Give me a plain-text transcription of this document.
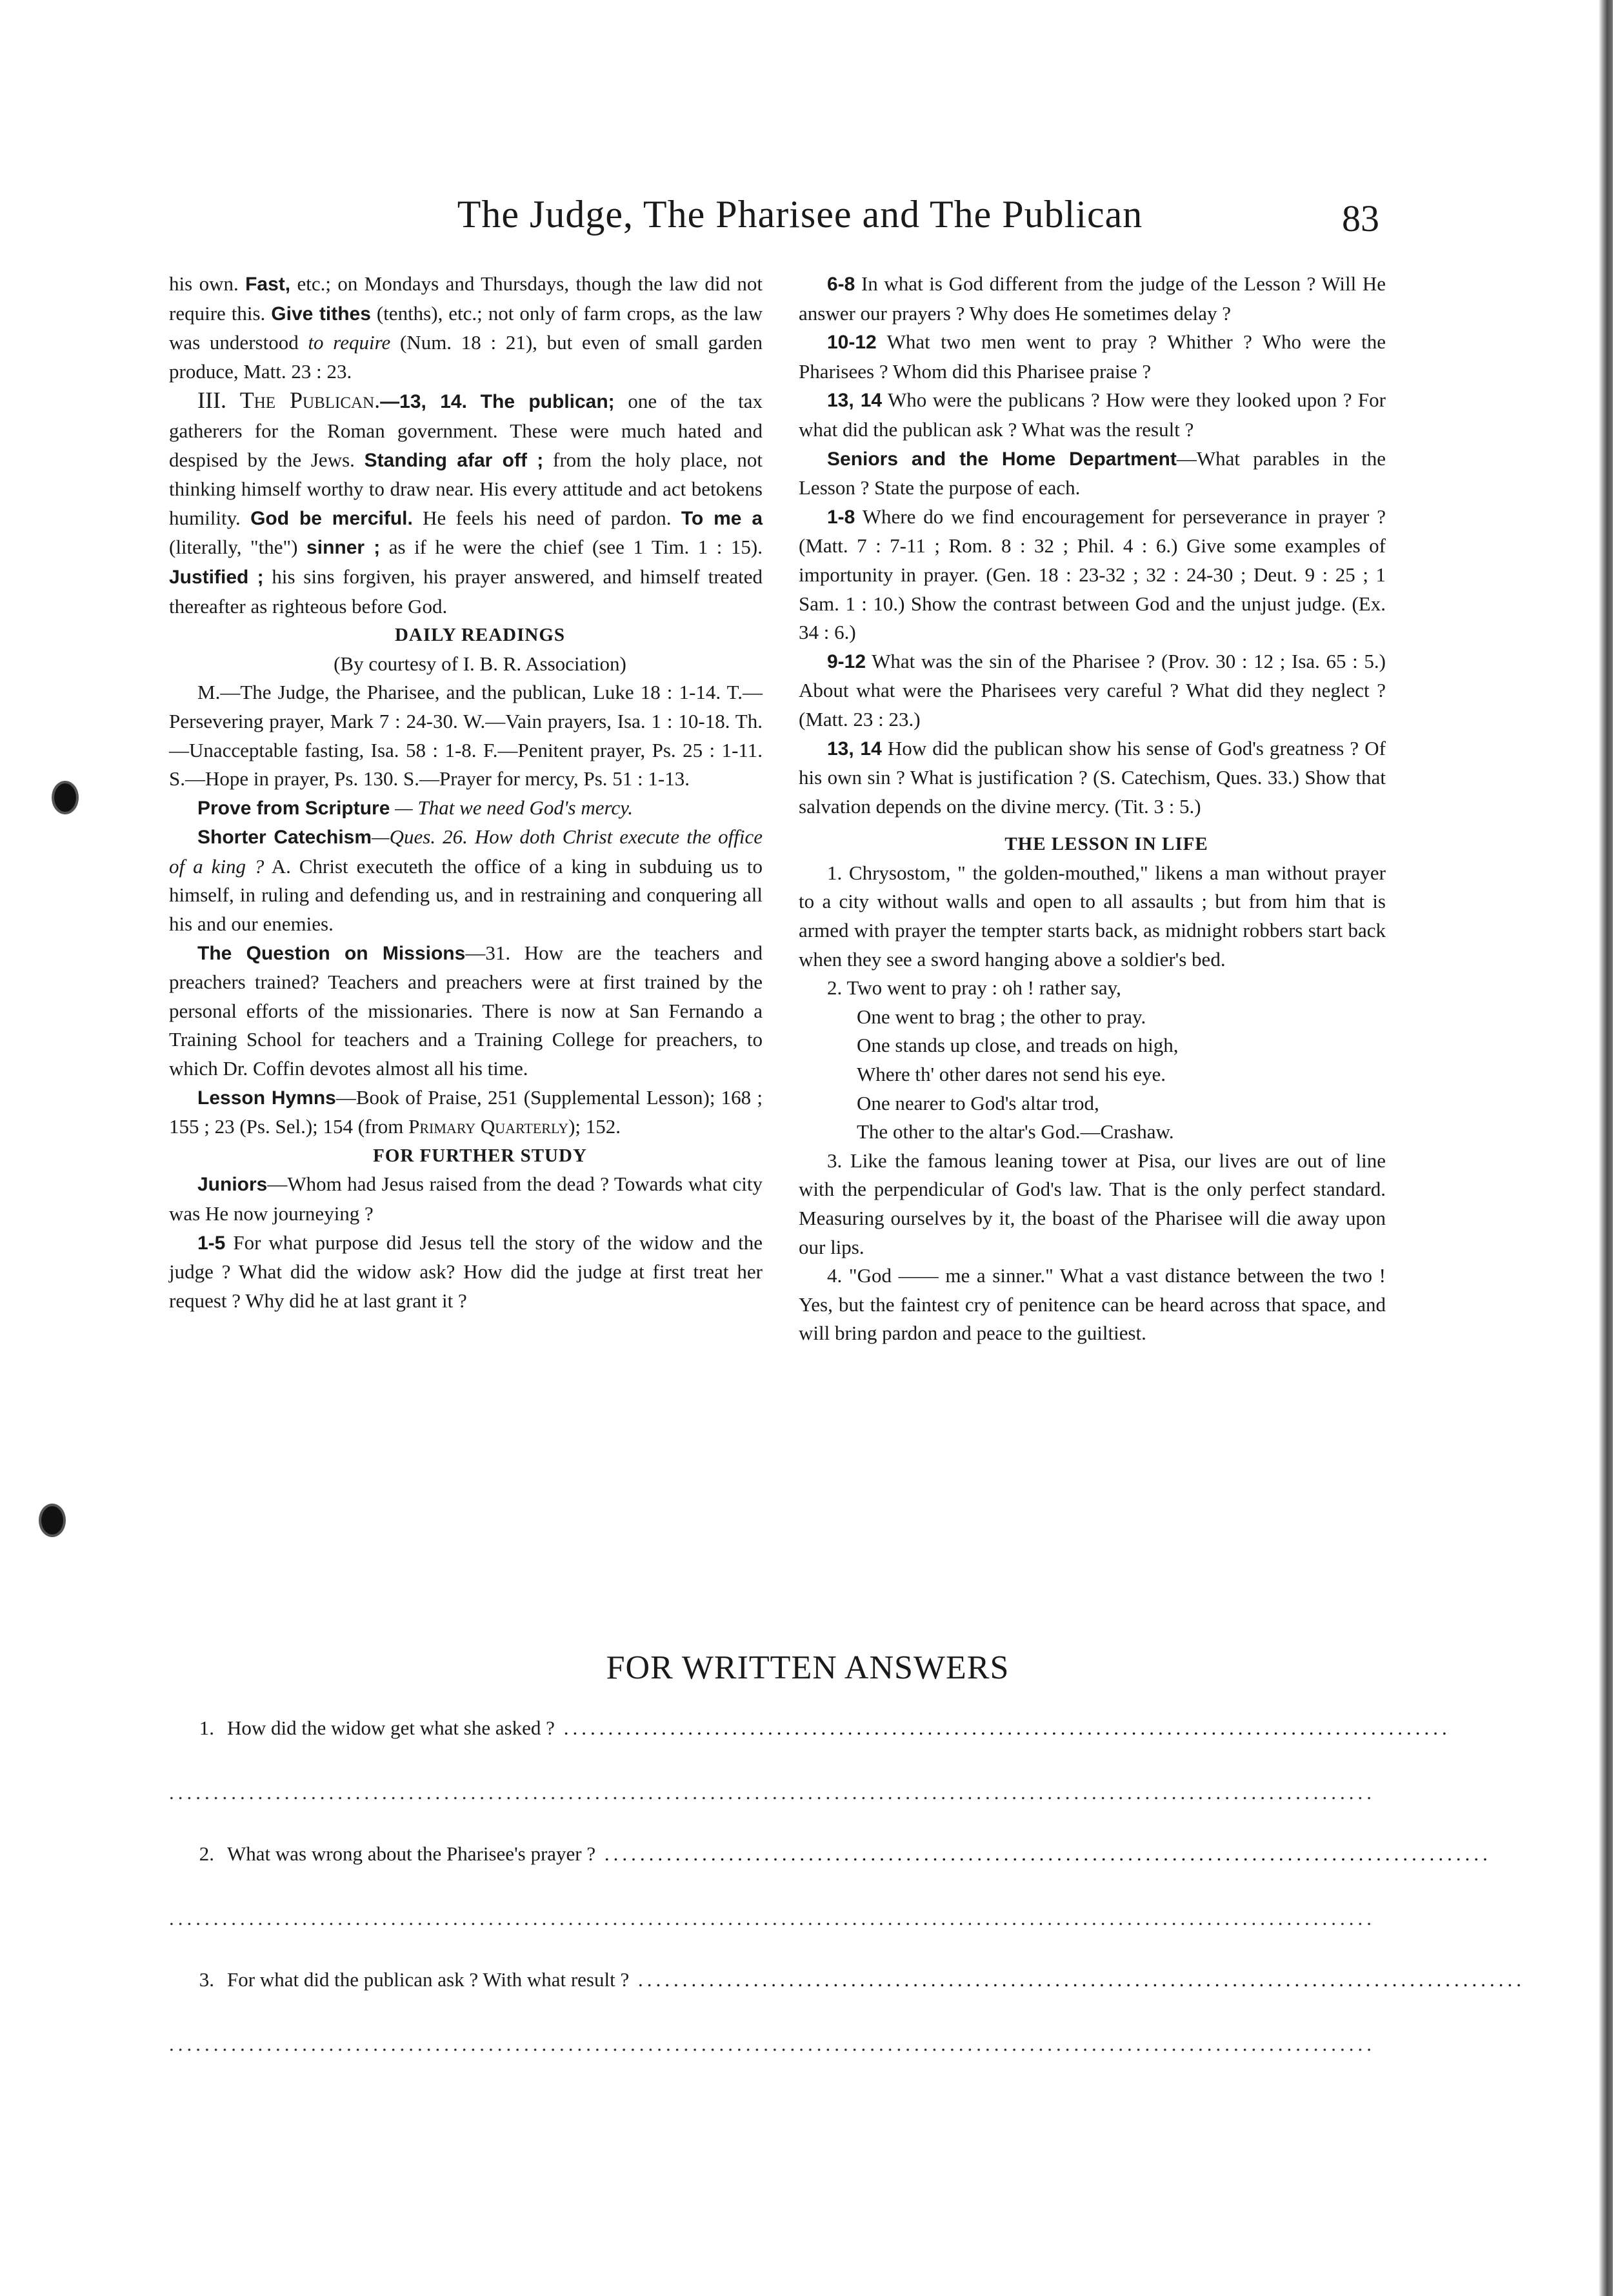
The Judge, The Pharisee and The Publican	83

his own. Fast, etc.; on Mondays and Thursdays, though the law did not require this. Give tithes (tenths), etc.; not only of farm crops, as the law was understood to require (Num. 18 : 21), but even of small garden produce, Matt. 23 : 23.

III. The Publican.—13, 14. The publican; one of the tax gatherers for the Roman government. These were much hated and despised by the Jews. Standing afar off ; from the holy place, not thinking himself worthy to draw near. His every attitude and act betokens humility. God be merciful. He feels his need of pardon. To me a (literally, "the") sinner ; as if he were the chief (see 1 Tim. 1 : 15). Justified ; his sins forgiven, his prayer answered, and himself treated thereafter as righteous before God.

DAILY READINGS

(By courtesy of I. B. R. Association)

M.—The Judge, the Pharisee, and the publican, Luke 18 : 1-14. T.—Persevering prayer, Mark 7 : 24-30. W.—Vain prayers, Isa. 1 : 10-18. Th.—Unacceptable fasting, Isa. 58 : 1-8. F.—Penitent prayer, Ps. 25 : 1-11. S.—Hope in prayer, Ps. 130. S.—Prayer for mercy, Ps. 51 : 1-13.

Prove from Scripture — That we need God's mercy.

Shorter Catechism—Ques. 26. How doth Christ execute the office of a king ? A. Christ executeth the office of a king in subduing us to himself, in ruling and defending us, and in restraining and conquering all his and our enemies.

The Question on Missions—31. How are the teachers and preachers trained? Teachers and preachers were at first trained by the personal efforts of the missionaries. There is now at San Fernando a Training School for teachers and a Training College for preachers, to which Dr. Coffin devotes almost all his time.

Lesson Hymns—Book of Praise, 251 (Supplemental Lesson); 168 ; 155 ; 23 (Ps. Sel.); 154 (from Primary Quarterly); 152.

FOR FURTHER STUDY

Juniors—Whom had Jesus raised from the dead ? Towards what city was He now journeying ?

1-5 For what purpose did Jesus tell the story of the widow and the judge ? What did the widow ask? How did the judge at first treat her request ? Why did he at last grant it ?

6-8 In what is God different from the judge of the Lesson ? Will He answer our prayers ? Why does He sometimes delay ?

10-12 What two men went to pray ? Whither ? Who were the Pharisees ? Whom did this Pharisee praise ?

13, 14 Who were the publicans ? How were they looked upon ? For what did the publican ask ? What was the result ?

Seniors and the Home Department—What parables in the Lesson ? State the purpose of each.

1-8 Where do we find encouragement for perseverance in prayer ? (Matt. 7 : 7-11 ; Rom. 8 : 32 ; Phil. 4 : 6.) Give some examples of importunity in prayer. (Gen. 18 : 23-32 ; 32 : 24-30 ; Deut. 9 : 25 ; 1 Sam. 1 : 10.) Show the contrast between God and the unjust judge. (Ex. 34 : 6.)

9-12 What was the sin of the Pharisee ? (Prov. 30 : 12 ; Isa. 65 : 5.) About what were the Pharisees very careful ? What did they neglect ? (Matt. 23 : 23.)

13, 14 How did the publican show his sense of God's greatness ? Of his own sin ? What is justification ? (S. Catechism, Ques. 33.) Show that salvation depends on the divine mercy. (Tit. 3 : 5.)

THE LESSON IN LIFE

1. Chrysostom, " the golden-mouthed," likens a man without prayer to a city without walls and open to all assaults ; but from him that is armed with prayer the tempter starts back, as midnight robbers start back when they see a sword hanging above a soldier's bed.

2. Two went to pray : oh ! rather say,

One went to brag ; the other to pray.
One stands up close, and treads on high,
Where th' other dares not send his eye.
One nearer to God's altar trod,
The other to the altar's God.—Crashaw.

3. Like the famous leaning tower at Pisa, our lives are out of line with the perpendicular of God's law. That is the only perfect standard. Measuring ourselves by it, the boast of the Pharisee will die away upon our lips.

4. "God —— me a sinner." What a vast distance between the two ! Yes, but the faintest cry of penitence can be heard across that space, and will bring pardon and peace to the guiltiest.

FOR WRITTEN ANSWERS
1. How did the widow get what she asked ? ....................................................................................................
........................................................................................................................................
2. What was wrong about the Pharisee's prayer ? ....................................................................................................
........................................................................................................................................
3. For what did the publican ask ? With what result ? ....................................................................................................
........................................................................................................................................
